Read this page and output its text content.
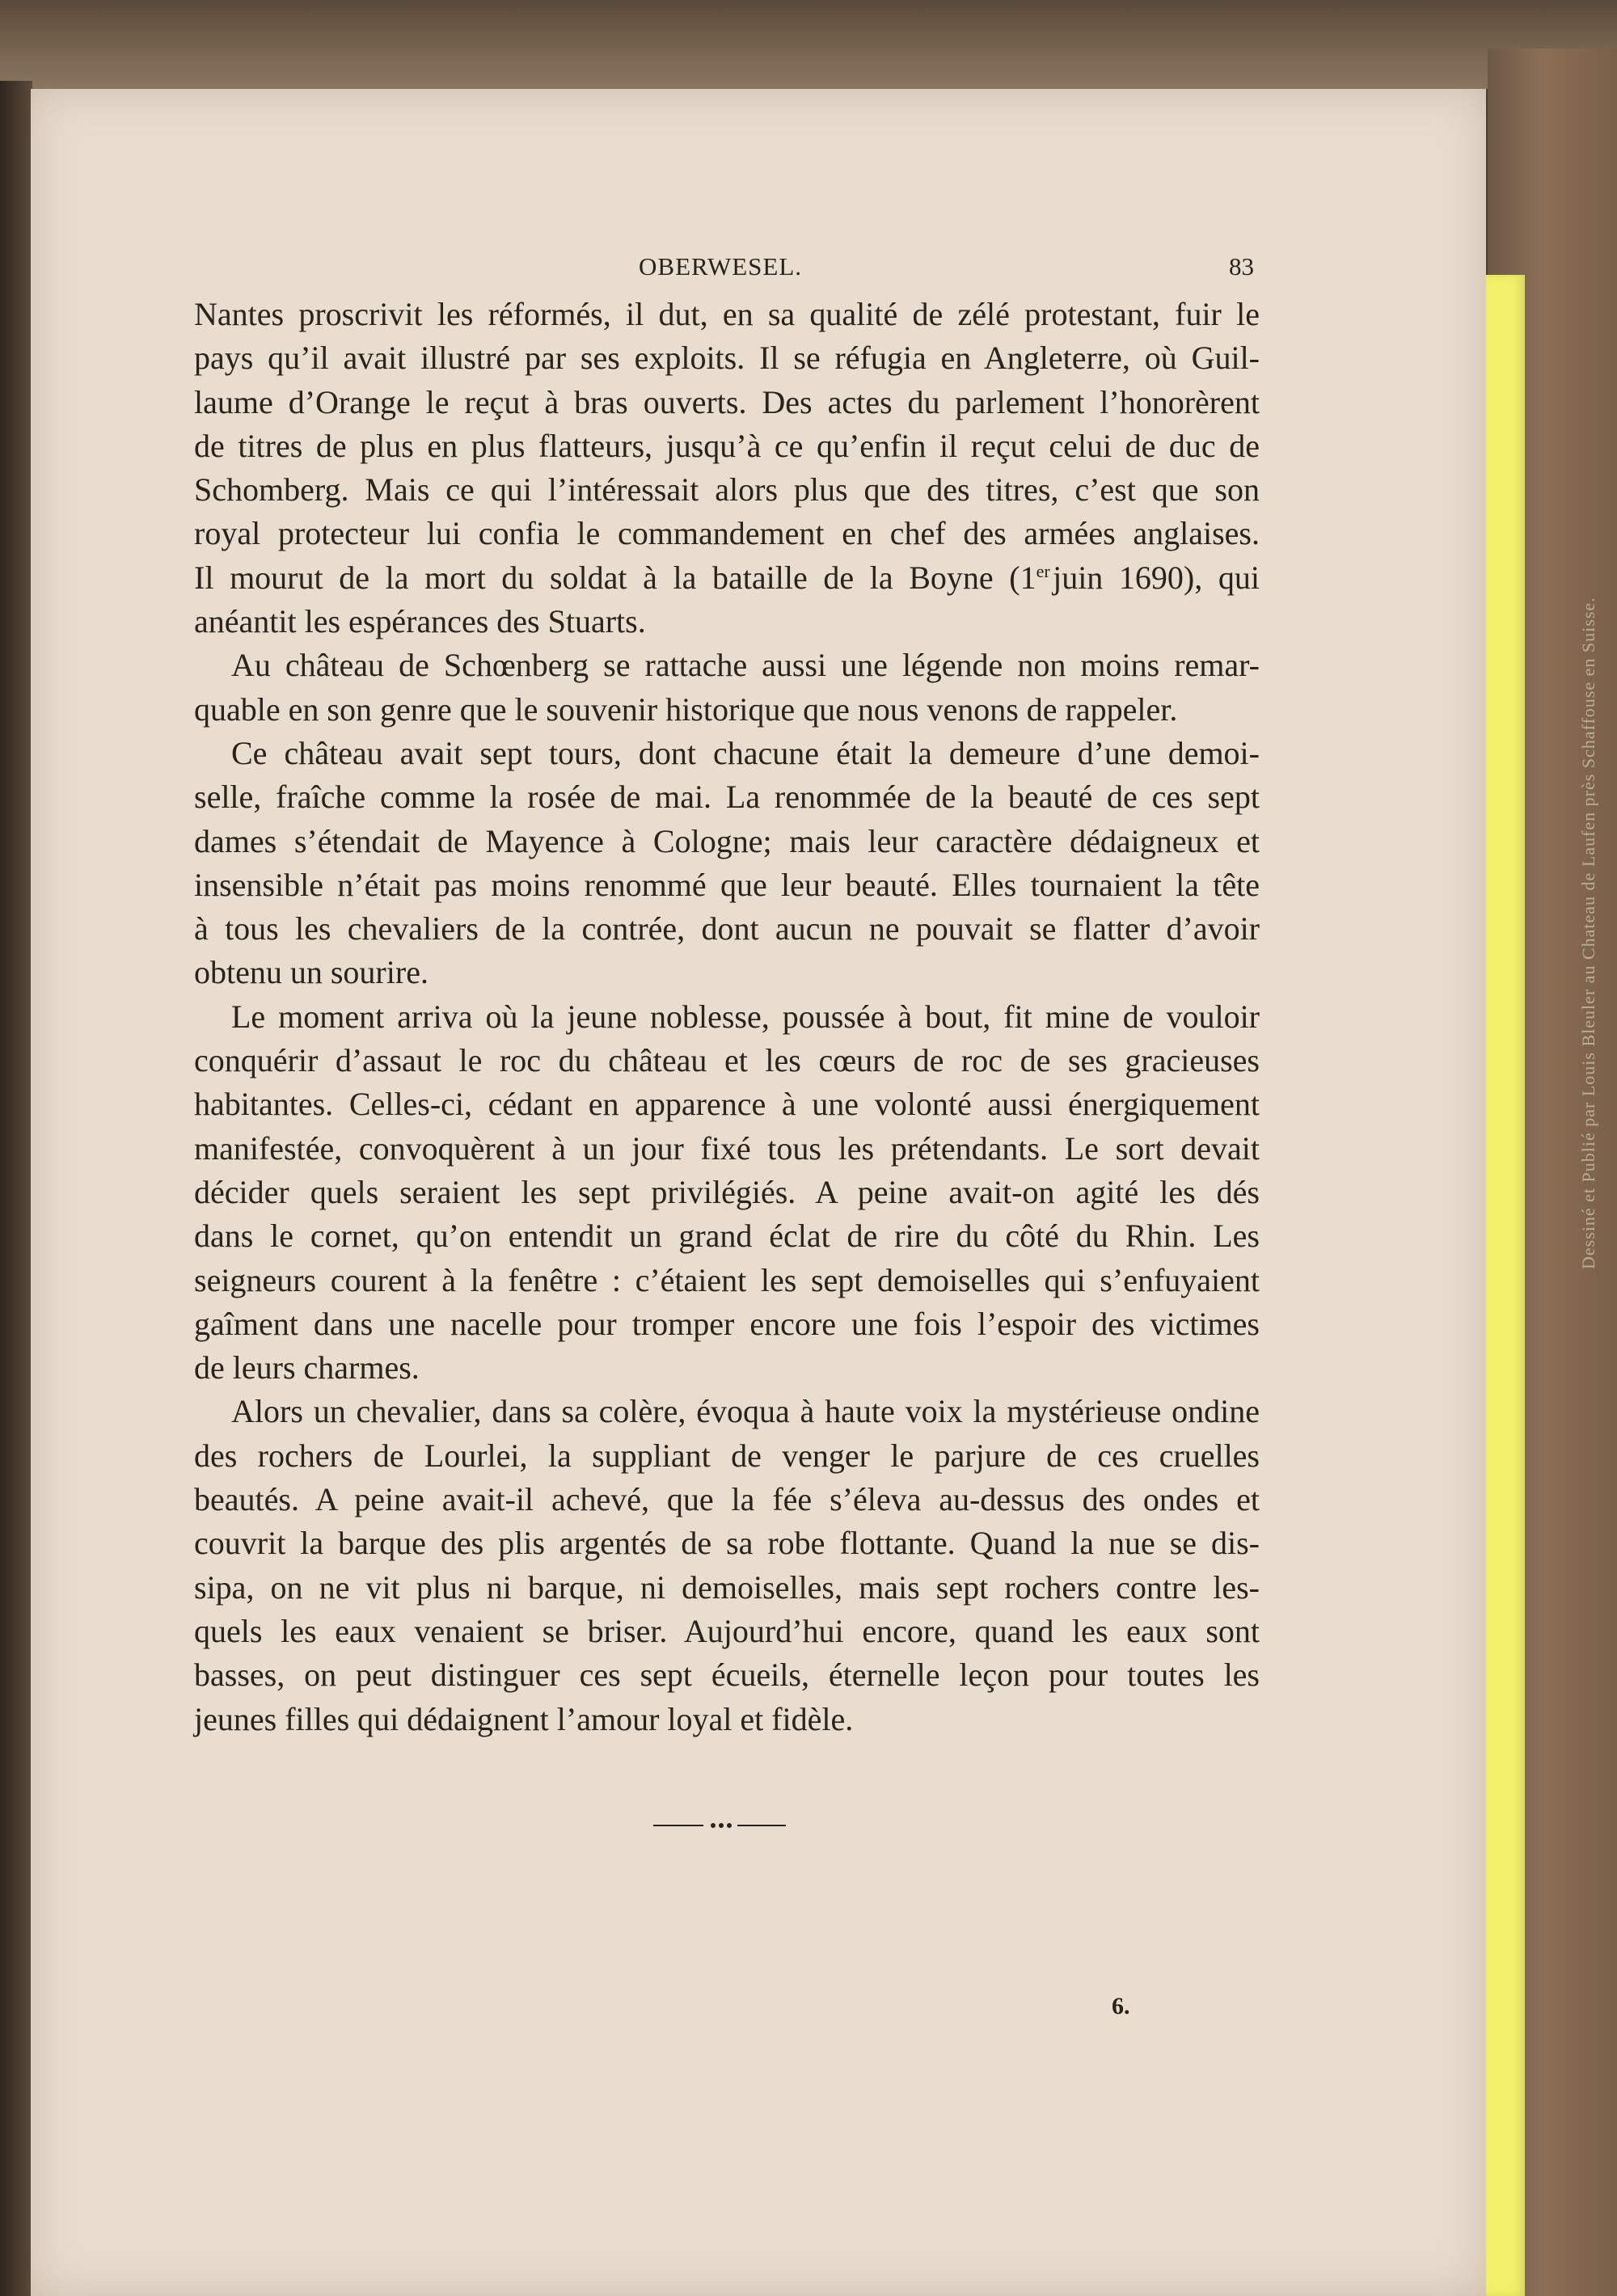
Dessiné et Publié par Louis Bleuler au Chateau de Laufen près Schaffouse en Suisse.
OBERWESEL.	83
Nantes proscrivit les réformés, il dut, en sa qualité de zélé protestant, fuir le
pays qu’il avait illustré par ses exploits. Il se réfugia en Angleterre, où Guil-
laume d’Orange le reçut à bras ouverts. Des actes du parlement l’honorèrent
de titres de plus en plus flatteurs, jusqu’à ce qu’enfin il reçut celui de duc de
Schomberg. Mais ce qui l’intéressait alors plus que des titres, c’est que son
royal protecteur lui confia le commandement en chef des armées anglaises.
Il mourut de la mort du soldat à la bataille de la Boyne (1er juin 1690), qui
anéantit les espérances des Stuarts.
Au château de Schœnberg se rattache aussi une légende non moins remar-
quable en son genre que le souvenir historique que nous venons de rappeler.
Ce château avait sept tours, dont chacune était la demeure d’une demoi-
selle, fraîche comme la rosée de mai. La renommée de la beauté de ces sept
dames s’étendait de Mayence à Cologne; mais leur caractère dédaigneux et
insensible n’était pas moins renommé que leur beauté. Elles tournaient la tête
à tous les chevaliers de la contrée, dont aucun ne pouvait se flatter d’avoir
obtenu un sourire.
Le moment arriva où la jeune noblesse, poussée à bout, fit mine de vouloir
conquérir d’assaut le roc du château et les cœurs de roc de ses gracieuses
habitantes. Celles-ci, cédant en apparence à une volonté aussi énergiquement
manifestée, convoquèrent à un jour fixé tous les prétendants. Le sort devait
décider quels seraient les sept privilégiés. A peine avait-on agité les dés
dans le cornet, qu’on entendit un grand éclat de rire du côté du Rhin. Les
seigneurs courent à la fenêtre : c’étaient les sept demoiselles qui s’enfuyaient
gaîment dans une nacelle pour tromper encore une fois l’espoir des victimes
de leurs charmes.
Alors un chevalier, dans sa colère, évoqua à haute voix la mystérieuse ondine
des rochers de Lourlei, la suppliant de venger le parjure de ces cruelles
beautés. A peine avait-il achevé, que la fée s’éleva au-dessus des ondes et
couvrit la barque des plis argentés de sa robe flottante. Quand la nue se dis-
sipa, on ne vit plus ni barque, ni demoiselles, mais sept rochers contre les-
quels les eaux venaient se briser. Aujourd’hui encore, quand les eaux sont
basses, on peut distinguer ces sept écueils, éternelle leçon pour toutes les
jeunes filles qui dédaignent l’amour loyal et fidèle.
6.
